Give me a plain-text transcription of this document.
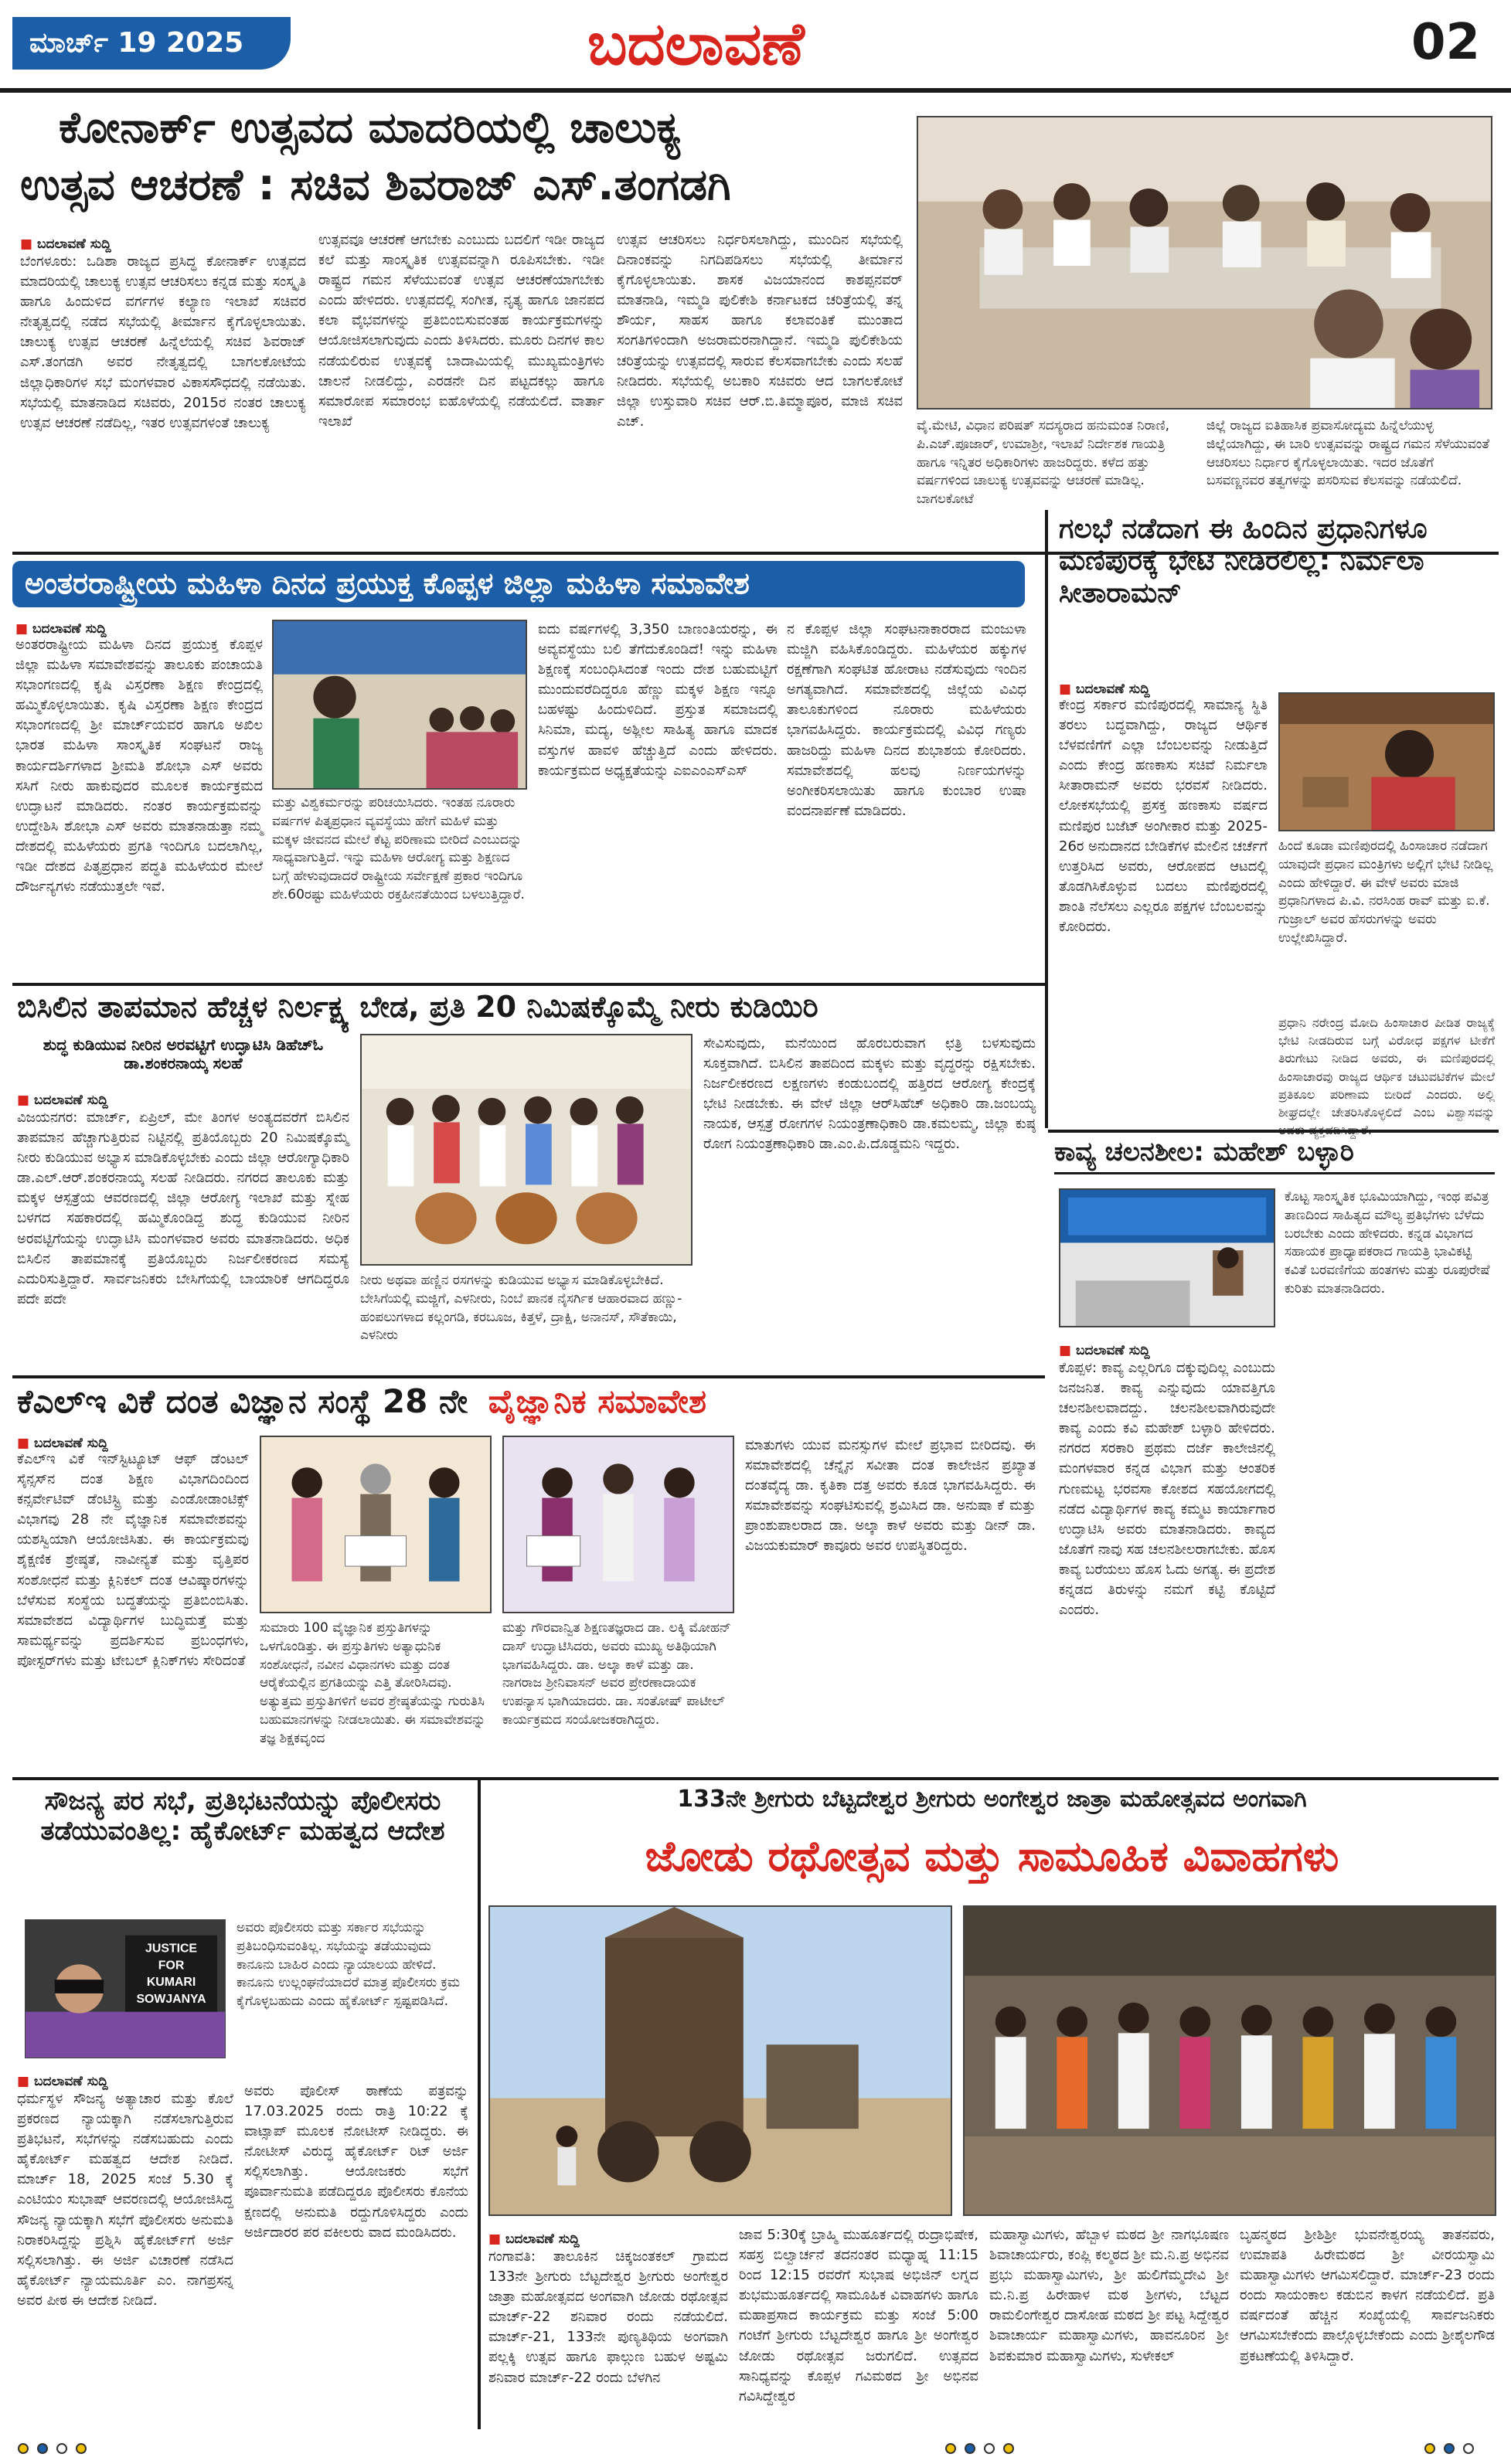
ಮಾರ್ಚ್ 19 2025	ಬದಲಾವಣೆ	02
ಕೋನಾರ್ಕ್ ಉತ್ಸವದ ಮಾದರಿಯಲ್ಲಿ ಚಾಲುಕ್ಯ
ಉತ್ಸವ ಆಚರಣೆ : ಸಚಿವ ಶಿವರಾಜ್ ಎಸ್.ತಂಗಡಗಿ
■ ಬದಲಾವಣೆ ಸುದ್ದಿ
ಬೆಂಗಳೂರು: ಒಡಿಶಾ ರಾಜ್ಯದ ಪ್ರಸಿದ್ಧ ಕೋನಾರ್ಕ್ ಉತ್ಸವದ ಮಾದರಿಯಲ್ಲಿ ಚಾಲುಕ್ಯ ಉತ್ಸವ ಆಚರಿಸಲು ಕನ್ನಡ ಮತ್ತು ಸಂಸ್ಕೃತಿ ಹಾಗೂ ಹಿಂದುಳಿದ ವರ್ಗಗಳ ಕಲ್ಯಾಣ ಇಲಾಖೆ ಸಚಿವರ ನೇತೃತ್ವದಲ್ಲಿ ನಡೆದ ಸಭೆಯಲ್ಲಿ ತೀರ್ಮಾನ ಕೈಗೊಳ್ಳಲಾಯಿತು. ಚಾಲುಕ್ಯ ಉತ್ಸವ ಆಚರಣೆ ಹಿನ್ನೆಲೆಯಲ್ಲಿ ಸಚಿವ ಶಿವರಾಜ್ ಎಸ್.ತಂಗಡಗಿ ಅವರ ನೇತೃತ್ವದಲ್ಲಿ ಬಾಗಲಕೋಟೆಯ ಜಿಲ್ಲಾಧಿಕಾರಿಗಳ ಸಭೆ ಮಂಗಳವಾರ ವಿಕಾಸಸೌಧದಲ್ಲಿ ನಡೆಯಿತು. ಸಭೆಯಲ್ಲಿ ಮಾತನಾಡಿದ ಸಚಿವರು, 2015ರ ನಂತರ ಚಾಲುಕ್ಯ ಉತ್ಸವ ಆಚರಣೆ ನಡೆದಿಲ್ಲ, ಇತರ ಉತ್ಸವಗಳಂತೆ ಚಾಲುಕ್ಯ
ಉತ್ಸವವೂ ಆಚರಣೆ ಆಗಬೇಕು ಎಂಬುದು ಬದಲಿಗೆ ಇಡೀ ರಾಜ್ಯದ ಕಲೆ ಮತ್ತು ಸಾಂಸ್ಕೃತಿಕ ಉತ್ಸವವನ್ನಾಗಿ ರೂಪಿಸಬೇಕು. ಇಡೀ ರಾಷ್ಟ್ರದ ಗಮನ ಸೆಳೆಯುವಂತೆ ಉತ್ಸವ ಆಚರಣೆಯಾಗಬೇಕು ಎಂದು ಹೇಳಿದರು. ಉತ್ಸವದಲ್ಲಿ ಸಂಗೀತ, ನೃತ್ಯ ಹಾಗೂ ಜಾನಪದ ಕಲಾ ವೈಭವಗಳನ್ನು ಪ್ರತಿಬಿಂಬಿಸುವಂತಹ ಕಾರ್ಯಕ್ರಮಗಳನ್ನು ಆಯೋಜಿಸಲಾಗುವುದು ಎಂದು ತಿಳಿಸಿದರು. ಮೂರು ದಿನಗಳ ಕಾಲ ನಡೆಯಲಿರುವ ಉತ್ಸವಕ್ಕೆ ಬಾದಾಮಿಯಲ್ಲಿ ಮುಖ್ಯಮಂತ್ರಿಗಳು ಚಾಲನೆ ನೀಡಲಿದ್ದು, ಎರಡನೇ ದಿನ ಪಟ್ಟದಕಲ್ಲು ಹಾಗೂ ಸಮಾರೋಪ ಸಮಾರಂಭ ಐಹೊಳೆಯಲ್ಲಿ ನಡೆಯಲಿದೆ. ವಾರ್ತಾ ಇಲಾಖೆ
ಉತ್ಸವ ಆಚರಿಸಲು ನಿರ್ಧರಿಸಲಾಗಿದ್ದು, ಮುಂದಿನ ಸಭೆಯಲ್ಲಿ ದಿನಾಂಕವನ್ನು ನಿಗದಿಪಡಿಸಲು ಸಭೆಯಲ್ಲಿ ತೀರ್ಮಾನ ಕೈಗೊಳ್ಳಲಾಯಿತು. ಶಾಸಕ ವಿಜಯಾನಂದ ಕಾಶಪ್ಪನವರ್ ಮಾತನಾಡಿ, ಇಮ್ಮಡಿ ಪುಲಿಕೇಶಿ ಕರ್ನಾಟಕದ ಚರಿತ್ರೆಯಲ್ಲಿ ತನ್ನ ಶೌರ್ಯ, ಸಾಹಸ ಹಾಗೂ ಕಲಾವಂತಿಕೆ ಮುಂತಾದ ಸಂಗತಿಗಳಿಂದಾಗಿ ಅಜರಾಮರನಾಗಿದ್ದಾನೆ. ಇಮ್ಮಡಿ ಪುಲಿಕೇಶಿಯ ಚರಿತ್ರೆಯನ್ನು ಉತ್ಸವದಲ್ಲಿ ಸಾರುವ ಕೆಲಸವಾಗಬೇಕು ಎಂದು ಸಲಹೆ ನೀಡಿದರು. ಸಭೆಯಲ್ಲಿ ಅಬಕಾರಿ ಸಚಿವರು ಆದ ಬಾಗಲಕೋಟೆ ಜಿಲ್ಲಾ ಉಸ್ತುವಾರಿ ಸಚಿವ ಆರ್.ಬಿ.ತಿಮ್ಮಾಪೂರ, ಮಾಜಿ ಸಚಿವ ಎಚ್.	ವೈ.ಮೇಟಿ, ವಿಧಾನ ಪರಿಷತ್ ಸದಸ್ಯರಾದ ಹನುಮಂತ ನಿರಾಣಿ, ಪಿ.ಎಚ್.ಪೂಜಾರ್, ಉಮಾಶ್ರೀ, ಇಲಾಖೆ ನಿರ್ದೇಶಕ ಗಾಯತ್ರಿ ಹಾಗೂ ಇನ್ನಿತರ ಅಧಿಕಾರಿಗಳು ಹಾಜರಿದ್ದರು. ಕಳೆದ ಹತ್ತು ವರ್ಷಗಳಿಂದ ಚಾಲುಕ್ಯ ಉತ್ಸವವನ್ನು ಆಚರಣೆ ಮಾಡಿಲ್ಲ. ಬಾಗಲಕೋಟೆ
ಜಿಲ್ಲೆ ರಾಜ್ಯದ ಐತಿಹಾಸಿಕ ಪ್ರವಾಸೋದ್ಯಮ ಹಿನ್ನೆಲೆಯುಳ್ಳ ಜಿಲ್ಲೆಯಾಗಿದ್ದು, ಈ ಬಾರಿ ಉತ್ಸವವನ್ನು ರಾಷ್ಟ್ರದ ಗಮನ ಸೆಳೆಯುವಂತೆ ಆಚರಿಸಲು ನಿರ್ಧಾರ ಕೈಗೊಳ್ಳಲಾಯಿತು. ಇದರ ಜೊತೆಗೆ ಬಸವಣ್ಣನವರ ತತ್ವಗಳನ್ನು ಪಸರಿಸುವ ಕೆಲಸವನ್ನು ನಡೆಯಲಿದೆ.
ಅಂತರರಾಷ್ಟ್ರೀಯ ಮಹಿಳಾ ದಿನದ ಪ್ರಯುಕ್ತ ಕೊಪ್ಪಳ ಜಿಲ್ಲಾ ಮಹಿಳಾ ಸಮಾವೇಶ
■ ಬದಲಾವಣೆ ಸುದ್ದಿ
ಅಂತರರಾಷ್ಟ್ರೀಯ ಮಹಿಳಾ ದಿನದ ಪ್ರಯುಕ್ತ ಕೊಪ್ಪಳ ಜಿಲ್ಲಾ ಮಹಿಳಾ ಸಮಾವೇಶವನ್ನು ತಾಲೂಕು ಪಂಚಾಯತಿ ಸಭಾಂಗಣದಲ್ಲಿ ಕೃಷಿ ವಿಸ್ತರಣಾ ಶಿಕ್ಷಣ ಕೇಂದ್ರದಲ್ಲಿ ಹಮ್ಮಿಕೊಳ್ಳಲಾಯಿತು. ಕೃಷಿ ವಿಸ್ತರಣಾ ಶಿಕ್ಷಣ ಕೇಂದ್ರದ ಸಭಾಂಗಣದಲ್ಲಿ ಶ್ರೀ ಮಾರ್ಚ್‌ಯವರ ಹಾಗೂ ಅಖಿಲ ಭಾರತ ಮಹಿಳಾ ಸಾಂಸ್ಕೃತಿಕ ಸಂಘಟನೆ ರಾಜ್ಯ ಕಾರ್ಯದರ್ಶಿಗಳಾದ ಶ್ರೀಮತಿ ಶೋಭಾ ಎಸ್ ಅವರು ಸಸಿಗೆ ನೀರು ಹಾಕುವುದರ ಮೂಲಕ ಕಾರ್ಯಕ್ರಮದ ಉದ್ಘಾಟನೆ ಮಾಡಿದರು. ನಂತರ ಕಾರ್ಯಕ್ರಮವನ್ನು ಉದ್ದೇಶಿಸಿ ಶೋಭಾ ಎಸ್ ಅವರು ಮಾತನಾಡುತ್ತಾ ನಮ್ಮ ದೇಶದಲ್ಲಿ ಮಹಿಳೆಯರು ಪ್ರಗತಿ ಇಂದಿಗೂ ಬದಲಾಗಿಲ್ಲ, ಇಡೀ ದೇಶದ ಪಿತೃಪ್ರಧಾನ ಪದ್ಧತಿ ಮಹಿಳೆಯರ ಮೇಲೆ ದೌರ್ಜನ್ಯಗಳು ನಡೆಯುತ್ತಲೇ ಇವೆ.
ಮತ್ತು ವಿಶ್ವಕರ್ಮರನ್ನು ಪರಿಚಯಿಸಿದರು. ಇಂತಹ ನೂರಾರು ವರ್ಷಗಳ ಪಿತೃಪ್ರಧಾನ ವ್ಯವಸ್ಥೆಯು ಹೇಗೆ ಮಹಿಳೆ ಮತ್ತು ಮಕ್ಕಳ ಜೀವನದ ಮೇಲೆ ಕೆಟ್ಟ ಪರಿಣಾಮ ಬೀರಿದೆ ಎಂಬುದನ್ನು ಸಾಧ್ಯವಾಗುತ್ತಿದೆ. ಇನ್ನು ಮಹಿಳಾ ಆರೋಗ್ಯ ಮತ್ತು ಶಿಕ್ಷಣದ ಬಗ್ಗೆ ಹೇಳುವುದಾದರೆ ರಾಷ್ಟ್ರೀಯ ಸರ್ವೇಕ್ಷಣೆ ಪ್ರಕಾರ ಇಂದಿಗೂ ಶೇ.60ರಷ್ಟು ಮಹಿಳೆಯರು ರಕ್ತಹೀನತೆಯಿಂದ ಬಳಲುತ್ತಿದ್ದಾರೆ.
ಐದು ವರ್ಷಗಳಲ್ಲಿ 3,350 ಬಾಣಂತಿಯರನ್ನು, ಈ ಅವ್ಯವಸ್ಥೆಯು ಬಲಿ ತೆಗೆದುಕೊಂಡಿದೆ! ಇನ್ನು ಮಹಿಳಾ ಶಿಕ್ಷಣಕ್ಕೆ ಸಂಬಂಧಿಸಿದಂತೆ ಇಂದು ದೇಶ ಬಹುಮಟ್ಟಿಗೆ ಮುಂದುವರೆದಿದ್ದರೂ ಹೆಣ್ಣು ಮಕ್ಕಳ ಶಿಕ್ಷಣ ಇನ್ನೂ ಬಹಳಷ್ಟು ಹಿಂದುಳಿದಿದೆ. ಪ್ರಸ್ತುತ ಸಮಾಜದಲ್ಲಿ ಸಿನಿಮಾ, ಮದ್ಯ, ಅಶ್ಲೀಲ ಸಾಹಿತ್ಯ ಹಾಗೂ ಮಾದಕ ವಸ್ತುಗಳ ಹಾವಳಿ ಹೆಚ್ಚುತ್ತಿದೆ ಎಂದು ಹೇಳಿದರು. ಕಾರ್ಯಕ್ರಮದ ಅಧ್ಯಕ್ಷತೆಯನ್ನು ಎಐಎಂಎಸ್‌ಎಸ್
ನ ಕೊಪ್ಪಳ ಜಿಲ್ಲಾ ಸಂಘಟನಾಕಾರರಾದ ಮಂಜುಳಾ ಮಜ್ಜಿಗಿ ವಹಿಸಿಕೊಂಡಿದ್ದರು. ಮಹಿಳೆಯರ ಹಕ್ಕುಗಳ ರಕ್ಷಣೆಗಾಗಿ ಸಂಘಟಿತ ಹೋರಾಟ ನಡೆಸುವುದು ಇಂದಿನ ಅಗತ್ಯವಾಗಿದೆ. ಸಮಾವೇಶದಲ್ಲಿ ಜಿಲ್ಲೆಯ ವಿವಿಧ ತಾಲೂಕುಗಳಿಂದ ನೂರಾರು ಮಹಿಳೆಯರು ಭಾಗವಹಿಸಿದ್ದರು. ಕಾರ್ಯಕ್ರಮದಲ್ಲಿ ವಿವಿಧ ಗಣ್ಯರು ಹಾಜರಿದ್ದು ಮಹಿಳಾ ದಿನದ ಶುಭಾಶಯ ಕೋರಿದರು. ಸಮಾವೇಶದಲ್ಲಿ ಹಲವು ನಿರ್ಣಯಗಳನ್ನು ಅಂಗೀಕರಿಸಲಾಯಿತು ಹಾಗೂ ಕುಂಬಾರ ಉಷಾ ವಂದನಾರ್ಪಣೆ ಮಾಡಿದರು.
ಗಲಭೆ ನಡೆದಾಗ ಈ ಹಿಂದಿನ ಪ್ರಧಾನಿಗಳೂ ಮಣಿಪುರಕ್ಕೆ ಭೇಟಿ ನೀಡಿರಲಿಲ್ಲ: ನಿರ್ಮಲಾ ಸೀತಾರಾಮನ್
■ ಬದಲಾವಣೆ ಸುದ್ದಿ
ಕೇಂದ್ರ ಸರ್ಕಾರ ಮಣಿಪುರದಲ್ಲಿ ಸಾಮಾನ್ಯ ಸ್ಥಿತಿ ತರಲು ಬದ್ಧವಾಗಿದ್ದು, ರಾಜ್ಯದ ಆರ್ಥಿಕ ಬೆಳವಣಿಗೆಗೆ ಎಲ್ಲಾ ಬೆಂಬಲವನ್ನು ನೀಡುತ್ತಿದೆ ಎಂದು ಕೇಂದ್ರ ಹಣಕಾಸು ಸಚಿವೆ ನಿರ್ಮಲಾ ಸೀತಾರಾಮನ್ ಅವರು ಭರವಸೆ ನೀಡಿದರು. ಲೋಕಸಭೆಯಲ್ಲಿ ಪ್ರಸಕ್ತ ಹಣಕಾಸು ವರ್ಷದ ಮಣಿಪುರ ಬಜೆಟ್ ಅಂಗೀಕಾರ ಮತ್ತು 2025-26ರ ಅನುದಾನದ ಬೇಡಿಕೆಗಳ ಮೇಲಿನ ಚರ್ಚೆಗೆ ಉತ್ತರಿಸಿದ ಅವರು, ಆರೋಪದ ಆಟದಲ್ಲಿ ತೊಡಗಿಸಿಕೊಳ್ಳುವ ಬದಲು ಮಣಿಪುರದಲ್ಲಿ ಶಾಂತಿ ನೆಲೆಸಲು ಎಲ್ಲರೂ ಪಕ್ಷಗಳ ಬೆಂಬಲವನ್ನು ಕೋರಿದರು.
ಹಿಂದೆ ಕೂಡಾ ಮಣಿಪುರದಲ್ಲಿ ಹಿಂಸಾಚಾರ ನಡೆದಾಗ ಯಾವುದೇ ಪ್ರಧಾನ ಮಂತ್ರಿಗಳು ಅಲ್ಲಿಗೆ ಭೇಟಿ ನೀಡಿಲ್ಲ ಎಂದು ಹೇಳಿದ್ದಾರೆ. ಈ ವೇಳೆ ಅವರು ಮಾಜಿ ಪ್ರಧಾನಿಗಳಾದ ಪಿ.ವಿ. ನರಸಿಂಹ ರಾವ್ ಮತ್ತು ಐ.ಕೆ. ಗುಜ್ರಾಲ್ ಅವರ ಹೆಸರುಗಳನ್ನು ಅವರು ಉಲ್ಲೇಖಿಸಿದ್ದಾರೆ.
ಪ್ರಧಾನಿ ನರೇಂದ್ರ ಮೋದಿ ಹಿಂಸಾಚಾರ ಪೀಡಿತ ರಾಜ್ಯಕ್ಕೆ ಭೇಟಿ ನೀಡದಿರುವ ಬಗ್ಗೆ ವಿರೋಧ ಪಕ್ಷಗಳ ಟೀಕೆಗೆ ತಿರುಗೇಟು ನೀಡಿದ ಅವರು, ಈ ಮಣಿಪುರದಲ್ಲಿ ಹಿಂಸಾಚಾರವು ರಾಜ್ಯದ ಆರ್ಥಿಕ ಚಟುವಟಿಕೆಗಳ ಮೇಲೆ ಪ್ರತಿಕೂಲ ಪರಿಣಾಮ ಬೀರಿದೆ ಎಂದರು. ಅಲ್ಲಿ ಶೀಘ್ರದಲ್ಲೇ ಚೇತರಿಸಿಕೊಳ್ಳಲಿದೆ ಎಂಬ ವಿಶ್ವಾಸವನ್ನು
ಬಿಸಿಲಿನ ತಾಪಮಾನ ಹೆಚ್ಚಳ ನಿರ್ಲಕ್ಷ್ಯ ಬೇಡ, ಪ್ರತಿ 20 ನಿಮಿಷಕ್ಕೊಮ್ಮೆ ನೀರು ಕುಡಿಯಿರಿ
ಶುದ್ಧ ಕುಡಿಯುವ ನೀರಿನ ಅರವಟ್ಟಿಗೆ ಉದ್ಘಾಟಿಸಿ ಡಿಹೆಚ್‌ಓ ಡಾ.ಶಂಕರನಾಯ್ಕ ಸಲಹೆ
■ ಬದಲಾವಣೆ ಸುದ್ದಿ
ವಿಜಯನಗರ: ಮಾರ್ಚ್, ಏಪ್ರಿಲ್, ಮೇ ತಿಂಗಳ ಅಂತ್ಯದವರೆಗೆ ಬಿಸಿಲಿನ ತಾಪಮಾನ ಹೆಚ್ಚಾಗುತ್ತಿರುವ ನಿಟ್ಟಿನಲ್ಲಿ ಪ್ರತಿಯೊಬ್ಬರು 20 ನಿಮಿಷಕ್ಕೊಮ್ಮೆ ನೀರು ಕುಡಿಯುವ ಅಭ್ಯಾಸ ಮಾಡಿಕೊಳ್ಳಬೇಕು ಎಂದು ಜಿಲ್ಲಾ ಆರೋಗ್ಯಾಧಿಕಾರಿ ಡಾ.ಎಲ್.ಆರ್.ಶಂಕರನಾಯ್ಕ ಸಲಹೆ ನೀಡಿದರು. ನಗರದ ತಾಲೂಕು ಮತ್ತು ಮಕ್ಕಳ ಆಸ್ಪತ್ರೆಯ ಆವರಣದಲ್ಲಿ ಜಿಲ್ಲಾ ಆರೋಗ್ಯ ಇಲಾಖೆ ಮತ್ತು ಸ್ನೇಹ ಬಳಗದ ಸಹಕಾರದಲ್ಲಿ ಹಮ್ಮಿಕೊಂಡಿದ್ದ ಶುದ್ಧ ಕುಡಿಯುವ ನೀರಿನ ಅರವಟ್ಟಿಗೆಯನ್ನು ಉದ್ಘಾಟಿಸಿ ಮಂಗಳವಾರ ಅವರು ಮಾತನಾಡಿದರು. ಅಧಿಕ ಬಿಸಿಲಿನ ತಾಪಮಾನಕ್ಕೆ ಪ್ರತಿಯೊಬ್ಬರು ನಿರ್ಜಲೀಕರಣದ ಸಮಸ್ಯೆ ಎದುರಿಸುತ್ತಿದ್ದಾರೆ. ಸಾರ್ವಜನಿಕರು ಬೇಸಿಗೆಯಲ್ಲಿ ಬಾಯಾರಿಕೆ ಆಗದಿದ್ದರೂ ಪದೇ ಪದೇ
ನೀರು ಅಥವಾ ಹಣ್ಣಿನ ರಸಗಳನ್ನು ಕುಡಿಯುವ ಅಭ್ಯಾಸ ಮಾಡಿಕೊಳ್ಳಬೇಕಿದೆ. ಬೇಸಿಗೆಯಲ್ಲಿ ಮಜ್ಜಿಗೆ, ಎಳನೀರು, ನಿಂಬೆ ಪಾನಕ ನೈಸರ್ಗಿಕ ಆಹಾರವಾದ ಹಣ್ಣು-ಹಂಪಲುಗಳಾದ ಕಲ್ಲಂಗಡಿ, ಕರಬೂಜ, ಕಿತ್ತಳೆ, ದ್ರಾಕ್ಷಿ, ಅನಾನಸ್, ಸೌತೆಕಾಯಿ, ಎಳನೀರು
ಸೇವಿಸುವುದು, ಮನೆಯಿಂದ ಹೊರಬರುವಾಗ ಛತ್ರಿ ಬಳಸುವುದು ಸೂಕ್ತವಾಗಿದೆ. ಬಿಸಿಲಿನ ತಾಪದಿಂದ ಮಕ್ಕಳು ಮತ್ತು ವೃದ್ಧರನ್ನು ರಕ್ಷಿಸಬೇಕು. ನಿರ್ಜಲೀಕರಣದ ಲಕ್ಷಣಗಳು ಕಂಡುಬಂದಲ್ಲಿ ಹತ್ತಿರದ ಆರೋಗ್ಯ ಕೇಂದ್ರಕ್ಕೆ ಭೇಟಿ ನೀಡಬೇಕು. ಈ ವೇಳೆ ಜಿಲ್ಲಾ ಆರ್‌ಸಿಹೆಚ್ ಅಧಿಕಾರಿ ಡಾ.ಜಂಬಯ್ಯ ನಾಯಕ, ಆಸ್ಪತ್ರೆ ರೋಗಗಳ ನಿಯಂತ್ರಣಾಧಿಕಾರಿ ಡಾ.ಕಮಲಮ್ಮ, ಜಿಲ್ಲಾ ಕುಷ್ಠ ರೋಗ ನಿಯಂತ್ರಣಾಧಿಕಾರಿ ಡಾ.ಎಂ.ಪಿ.ದೊಡ್ಡಮನಿ ಇದ್ದರು.	ಕಾವ್ಯ ಚಲನಶೀಲ: ಮಹೇಶ್ ಬಳ್ಳಾರಿ
ಕೊಟ್ಟ ಸಾಂಸ್ಕೃತಿಕ ಭೂಮಿಯಾಗಿದ್ದು, ಇಂಥ ಪವಿತ್ರ ತಾಣದಿಂದ ಸಾಹಿತ್ಯದ ಮೌಲ್ಯ ಪ್ರತಿಭೆಗಳು ಬೆಳೆದು ಬರಬೇಕು ಎಂದು ಹೇಳಿದರು. ಕನ್ನಡ ವಿಭಾಗದ ಸಹಾಯಕ ಪ್ರಾಧ್ಯಾಪಕರಾದ ಗಾಯತ್ರಿ ಭಾವಿಕಟ್ಟಿ ಕವಿತೆ ಬರವಣಿಗೆಯ ಹಂತಗಳು ಮತ್ತು ರೂಪುರೇಷೆ ಕುರಿತು ಮಾತನಾಡಿದರು.
■ ಬದಲಾವಣೆ ಸುದ್ದಿ
ಕೊಪ್ಪಳ: ಕಾವ್ಯ ಎಲ್ಲರಿಗೂ ದಕ್ಕುವುದಿಲ್ಲ ಎಂಬುದು ಜನಜನಿತ. ಕಾವ್ಯ ಎನ್ನುವುದು ಯಾವತ್ತಿಗೂ ಚಲನಶೀಲವಾದದ್ದು. ಚಲನಶೀಲವಾಗಿರುವುದೇ ಕಾವ್ಯ ಎಂದು ಕವಿ ಮಹೇಶ್ ಬಳ್ಳಾರಿ ಹೇಳಿದರು. ನಗರದ ಸರಕಾರಿ ಪ್ರಥಮ ದರ್ಜೆ ಕಾಲೇಜಿನಲ್ಲಿ ಮಂಗಳವಾರ ಕನ್ನಡ ವಿಭಾಗ ಮತ್ತು ಆಂತರಿಕ ಗುಣಮಟ್ಟ ಭರವಸಾ ಕೋಶದ ಸಹಯೋಗದಲ್ಲಿ ನಡೆದ ವಿದ್ಯಾರ್ಥಿಗಳ ಕಾವ್ಯ ಕಮ್ಮಟ ಕಾರ್ಯಾಗಾರ ಉದ್ಘಾಟಿಸಿ ಅವರು ಮಾತನಾಡಿದರು. ಕಾವ್ಯದ ಜೊತೆಗೆ ನಾವು ಸಹ ಚಲನಶೀಲರಾಗಬೇಕು. ಹೊಸ ಕಾವ್ಯ ಬರೆಯಲು ಹೊಸ ಓದು ಅಗತ್ಯ. ಈ ಪ್ರದೇಶ ಕನ್ನಡದ ತಿರುಳನ್ನು ನಮಗೆ ಕಟ್ಟಿ ಕೊಟ್ಟಿದೆ ಎಂದರು.
ಕೆಎಲ್ಇ ವಿಕೆ ದಂತ ವಿಜ್ಞಾನ ಸಂಸ್ಥೆ 28 ನೇ ವೈಜ್ಞಾನಿಕ ಸಮಾವೇಶ
■ ಬದಲಾವಣೆ ಸುದ್ದಿ
ಕೆಎಲ್ಇ ವಿಕೆ ಇನ್‌ಸ್ಟಿಟ್ಯೂಟ್ ಆಫ್ ಡೆಂಟಲ್ ಸೈನ್ಸಸ್‌ನ ದಂತ ಶಿಕ್ಷಣ ವಿಭಾಗದಿಂದಿಂದ ಕನ್ಸರ್ವೇಟಿವ್ ಡೆಂಟಿಸ್ಟ್ರಿ ಮತ್ತು ಎಂಡೋಡಾಂಟಿಕ್ಸ್ ವಿಭಾಗವು 28 ನೇ ವೈಜ್ಞಾನಿಕ ಸಮಾವೇಶವನ್ನು ಯಶಸ್ವಿಯಾಗಿ ಆಯೋಜಿಸಿತು. ಈ ಕಾರ್ಯಕ್ರಮವು ಶೈಕ್ಷಣಿಕ ಶ್ರೇಷ್ಠತೆ, ನಾವೀನ್ಯತೆ ಮತ್ತು ವೃತ್ತಿಪರ ಸಂಶೋಧನೆ ಮತ್ತು ಕ್ಲಿನಿಕಲ್ ದಂತ ಆವಿಷ್ಕಾರಗಳನ್ನು ಬೆಳೆಸುವ ಸಂಸ್ಥೆಯ ಬದ್ಧತೆಯನ್ನು ಪ್ರತಿಬಿಂಬಿಸಿತು. ಸಮಾವೇಶದ ವಿದ್ಯಾರ್ಥಿಗಳ ಬುದ್ಧಿಮತ್ತೆ ಮತ್ತು ಸಾಮರ್ಥ್ಯವನ್ನು ಪ್ರದರ್ಶಿಸುವ ಪ್ರಬಂಧಗಳು, ಪೋಸ್ಟರ್‌ಗಳು ಮತ್ತು ಟೇಬಲ್ ಕ್ಲಿನಿಕ್‌ಗಳು ಸೇರಿದಂತೆ
ಸುಮಾರು 100 ವೈಜ್ಞಾನಿಕ ಪ್ರಸ್ತುತಿಗಳನ್ನು ಒಳಗೊಂಡಿತ್ತು. ಈ ಪ್ರಸ್ತುತಿಗಳು ಅತ್ಯಾಧುನಿಕ ಸಂಶೋಧನೆ, ನವೀನ ವಿಧಾನಗಳು ಮತ್ತು ದಂತ ಆರೈಕೆಯಲ್ಲಿನ ಪ್ರಗತಿಯನ್ನು ಎತ್ತಿ ತೋರಿಸಿದವು. ಅತ್ಯುತ್ತಮ ಪ್ರಸ್ತುತಿಗಳಿಗೆ ಅವರ ಶ್ರೇಷ್ಠತೆಯನ್ನು ಗುರುತಿಸಿ ಬಹುಮಾನಗಳನ್ನು ನೀಡಲಾಯಿತು. ಈ ಸಮಾವೇಶವನ್ನು ತಜ್ಞ ಶಿಕ್ಷಕವೃಂದ
ಮತ್ತು ಗೌರವಾನ್ವಿತ ಶಿಕ್ಷಣತಜ್ಞರಾದ ಡಾ. ಲಕ್ಕಿ ಮೋಹನ್ ದಾಸ್ ಉದ್ಘಾಟಿಸಿದರು, ಅವರು ಮುಖ್ಯ ಅತಿಥಿಯಾಗಿ ಭಾಗವಹಿಸಿದ್ದರು. ಡಾ. ಅಲ್ಕಾ ಕಾಳೆ ಮತ್ತು ಡಾ. ನಾಗರಾಜ ಶ್ರೀನಿವಾಸನ್ ಅವರ ಪ್ರೇರಣಾದಾಯಕ ಉಪನ್ಯಾಸ ಭಾಗಿಯಾದರು. ಡಾ. ಸಂತೋಷ್ ಪಾಟೀಲ್ ಕಾರ್ಯಕ್ರಮದ ಸಂಯೋಜಕರಾಗಿದ್ದರು.
ಮಾತುಗಳು ಯುವ ಮನಸ್ಸುಗಳ ಮೇಲೆ ಪ್ರಭಾವ ಬೀರಿದವು. ಈ ಸಮಾವೇಶದಲ್ಲಿ ಚೆನ್ನೈನ ಸವೀತಾ ದಂತ ಕಾಲೇಜಿನ ಪ್ರಖ್ಯಾತ ದಂತವೈದ್ಯ ಡಾ. ಕೃತಿಕಾ ದತ್ತ ಅವರು ಕೂಡ ಭಾಗವಹಿಸಿದ್ದರು. ಈ ಸಮಾವೇಶವನ್ನು ಸಂಘಟಿಸುವಲ್ಲಿ ಶ್ರಮಿಸಿದ ಡಾ. ಅನುಷಾ ಕೆ ಮತ್ತು ಪ್ರಾಂಶುಪಾಲರಾದ ಡಾ. ಅಲ್ಕಾ ಕಾಳೆ ಅವರು ಮತ್ತು ಡೀನ್ ಡಾ. ವಿಜಯಕುಮಾರ್ ಕಾವೂರು ಅವರ ಉಪಸ್ಥಿತರಿದ್ದರು.
ಸೌಜನ್ಯ ಪರ ಸಭೆ, ಪ್ರತಿಭಟನೆಯನ್ನು ಪೊಲೀಸರು ತಡೆಯುವಂತಿಲ್ಲ: ಹೈಕೋರ್ಟ್ ಮಹತ್ವದ ಆದೇಶ
JUSTICE
FOR
KUMARI
SOWJANYA
ಅವರು ಪೊಲೀಸರು ಮತ್ತು ಸರ್ಕಾರ ಸಭೆಯನ್ನು ಪ್ರತಿಬಂಧಿಸುವಂತಿಲ್ಲ. ಸಭೆಯನ್ನು ತಡೆಯುವುದು ಕಾನೂನು ಬಾಹಿರ ಎಂದು ನ್ಯಾಯಾಲಯ ಹೇಳಿದೆ. ಕಾನೂನು ಉಲ್ಲಂಘನೆಯಾದರೆ ಮಾತ್ರ ಪೊಲೀಸರು ಕ್ರಮ ಕೈಗೊಳ್ಳಬಹುದು ಎಂದು ಹೈಕೋರ್ಟ್ ಸ್ಪಷ್ಟಪಡಿಸಿದೆ.
■ ಬದಲಾವಣೆ ಸುದ್ದಿ
ಧರ್ಮಸ್ಥಳ ಸೌಜನ್ಯ ಅತ್ಯಾಚಾರ ಮತ್ತು ಕೊಲೆ ಪ್ರಕರಣದ ನ್ಯಾಯಕ್ಕಾಗಿ ನಡೆಸಲಾಗುತ್ತಿರುವ ಪ್ರತಿಭಟನೆ, ಸಭೆಗಳನ್ನು ನಡೆಸಬಹುದು ಎಂದು ಹೈಕೋರ್ಟ್ ಮಹತ್ವದ ಆದೇಶ ನೀಡಿದೆ. ಮಾರ್ಚ್ 18, 2025 ಸಂಜೆ 5.30 ಕ್ಕೆ ಎಂಟಿಯಂ ಸುಭಾಷ್ ಆವರಣದಲ್ಲಿ ಆಯೋಜಿಸಿದ್ದ ಸೌಜನ್ಯ ನ್ಯಾಯಕ್ಕಾಗಿ ಸಭೆಗೆ ಪೊಲೀಸರು ಅನುಮತಿ ನಿರಾಕರಿಸಿದ್ದನ್ನು ಪ್ರಶ್ನಿಸಿ ಹೈಕೋರ್ಟ್‌ಗೆ ಅರ್ಜಿ ಸಲ್ಲಿಸಲಾಗಿತ್ತು. ಈ ಅರ್ಜಿ ವಿಚಾರಣೆ ನಡೆಸಿದ ಹೈಕೋರ್ಟ್ ನ್ಯಾಯಮೂರ್ತಿ ಎಂ. ನಾಗಪ್ರಸನ್ನ ಅವರ ಪೀಠ ಈ ಆದೇಶ ನೀಡಿದೆ.
ಅವರು ಪೊಲೀಸ್ ಠಾಣೆಯ ಪತ್ರವನ್ನು 17.03.2025 ರಂದು ರಾತ್ರಿ 10:22 ಕ್ಕೆ ವಾಟ್ಸಾಪ್ ಮೂಲಕ ನೋಟೀಸ್ ನೀಡಿದ್ದರು. ಈ ನೋಟೀಸ್ ವಿರುದ್ಧ ಹೈಕೋರ್ಟ್ ರಿಟ್ ಅರ್ಜಿ ಸಲ್ಲಿಸಲಾಗಿತ್ತು. ಆಯೋಜಕರು ಸಭೆಗೆ ಪೂರ್ವಾನುಮತಿ ಪಡೆದಿದ್ದರೂ ಪೊಲೀಸರು ಕೊನೆಯ ಕ್ಷಣದಲ್ಲಿ ಅನುಮತಿ ರದ್ದುಗೊಳಿಸಿದ್ದರು ಎಂದು ಅರ್ಜಿದಾರರ ಪರ ವಕೀಲರು ವಾದ ಮಂಡಿಸಿದರು.
133ನೇ ಶ್ರೀಗುರು ಬೆಟ್ಟದೇಶ್ವರ ಶ್ರೀಗುರು ಅಂಗೇಶ್ವರ ಜಾತ್ರಾ ಮಹೋತ್ಸವದ ಅಂಗವಾಗಿ
ಜೋಡು ರಥೋತ್ಸವ ಮತ್ತು ಸಾಮೂಹಿಕ ವಿವಾಹಗಳು
■ ಬದಲಾವಣೆ ಸುದ್ದಿ
ಗಂಗಾವತಿ: ತಾಲೂಕಿನ ಚಿಕ್ಕಜಂತಕಲ್ ಗ್ರಾಮದ 133ನೇ ಶ್ರೀಗುರು ಬೆಟ್ಟದೇಶ್ವರ ಶ್ರೀಗುರು ಅಂಗೇಶ್ವರ ಜಾತ್ರಾ ಮಹೋತ್ಸವದ ಅಂಗವಾಗಿ ಜೋಡು ರಥೋತ್ಸವ ಮಾರ್ಚ್-22 ಶನಿವಾರ ರಂದು ನಡೆಯಲಿದೆ. ಮಾರ್ಚ್-21, 133ನೇ ಪುಣ್ಯತಿಥಿಯ ಅಂಗವಾಗಿ ಪಲ್ಲಕ್ಕಿ ಉತ್ಸವ ಹಾಗೂ ಫಾಲ್ಗುಣ ಬಹುಳ ಅಷ್ಟಮಿ ಶನಿವಾರ ಮಾರ್ಚ್-22 ರಂದು ಬೆಳಗಿನ
ಜಾವ 5:30ಕ್ಕೆ ಬ್ರಾಹ್ಮಿ ಮುಹೂರ್ತದಲ್ಲಿ ರುದ್ರಾಭಿಷೇಕ, ಸಹಸ್ರ ಬಿಲ್ವಾರ್ಚನೆ ತದನಂತರ ಮಧ್ಯಾಹ್ನ 11:15 ರಿಂದ 12:15 ರವರೆಗೆ ಸುಭಾಷ ಅಭಿಜಿನ್ ಲಗ್ನದ ಶುಭಮುಹೂರ್ತದಲ್ಲಿ ಸಾಮೂಹಿಕ ವಿವಾಹಗಳು ಹಾಗೂ ಮಹಾಪ್ರಸಾದ ಕಾರ್ಯಕ್ರಮ ಮತ್ತು ಸಂಜೆ 5:00 ಗಂಟೆಗೆ ಶ್ರೀಗುರು ಬೆಟ್ಟದೇಶ್ವರ ಹಾಗೂ ಶ್ರೀ ಅಂಗೇಶ್ವರ ಜೋಡು ರಥೋತ್ಸವ ಜರುಗಲಿದೆ. ಉತ್ಸವದ ಸಾನಿಧ್ಯವನ್ನು ಕೊಪ್ಪಳ ಗವಿಮಠದ ಶ್ರೀ ಅಭಿನವ ಗವಿಸಿದ್ದೇಶ್ವರ
ಮಹಾಸ್ವಾಮಿಗಳು, ಹೆಬ್ಬಾಳ ಮಠದ ಶ್ರೀ ನಾಗಭೂಷಣ ಶಿವಾಚಾರ್ಯರು, ಕಂಪ್ಲಿ ಕಲ್ಮಠದ ಶ್ರೀ ಮ.ನಿ.ಪ್ರ ಅಭಿನವ ಪ್ರಭು ಮಹಾಸ್ವಾಮಿಗಳು, ಶ್ರೀ ಹುಲಿಗೆಮ್ಮದೇವಿ ಶ್ರೀ ಮ.ನಿ.ಪ್ರ ಹಿರೇಹಾಳ ಮಠ ಶ್ರೀಗಳು, ಬೆಟ್ಟದ ರಾಮಲಿಂಗೇಶ್ವರ ದಾಸೋಹ ಮಠದ ಶ್ರೀ ಪಟ್ಟ ಸಿದ್ದೇಶ್ವರ ಶಿವಾಚಾರ್ಯ ಮಹಾಸ್ವಾಮಿಗಳು, ಹಾವನೂರಿನ ಶ್ರೀ ಶಿವಕುಮಾರ ಮಹಾಸ್ವಾಮಿಗಳು, ಸುಳೇಕಲ್
ಬೃಹನ್ಮಠದ ಶ್ರೀಶಿಶ್ರೀ ಭುವನೇಶ್ವರಯ್ಯ ತಾತನವರು, ಉಮಾಪತಿ ಹಿರೇಮಠದ ಶ್ರೀ ವೀರಯಸ್ವಾಮಿ ಮಹಾಸ್ವಾಮಿಗಳು ಆಗಮಿಸಲಿದ್ದಾರೆ. ಮಾರ್ಚ್-23 ರಂದು ರಂದು ಸಾಯಂಕಾಲ ಕಡುಬಿನ ಕಾಳಗ ನಡೆಯಲಿದೆ. ಪ್ರತಿ ವರ್ಷದಂತೆ ಹೆಚ್ಚಿನ ಸಂಖ್ಯೆಯಲ್ಲಿ ಸಾರ್ವಜನಿಕರು ಆಗಮಿಸಬೇಕೆಂದು ಪಾಲ್ಗೊಳ್ಳಬೇಕೆಂದು ಎಂದು ಶ್ರೀಶೈಲಗೌಡ ಪ್ರಕಟಣೆಯಲ್ಲಿ ತಿಳಿಸಿದ್ದಾರೆ.
